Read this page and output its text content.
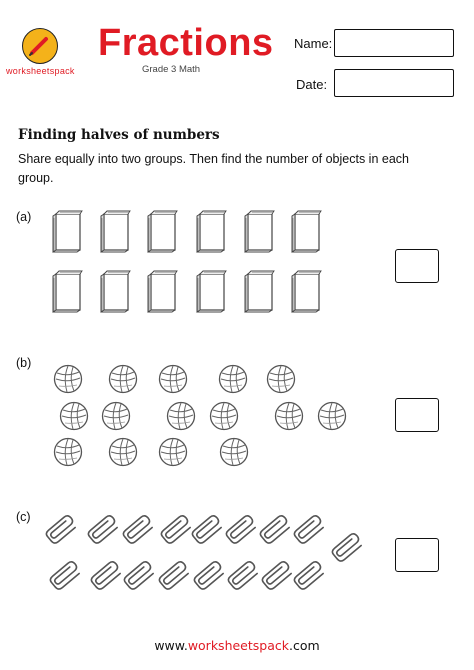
worksheetspack
Fractions
Grade 3 Math
Name:
Date:
Finding halves of numbers
Share equally into two groups. Then find the number of objects in each group.
(a)
(b)
(c)
www.worksheetspack.com
